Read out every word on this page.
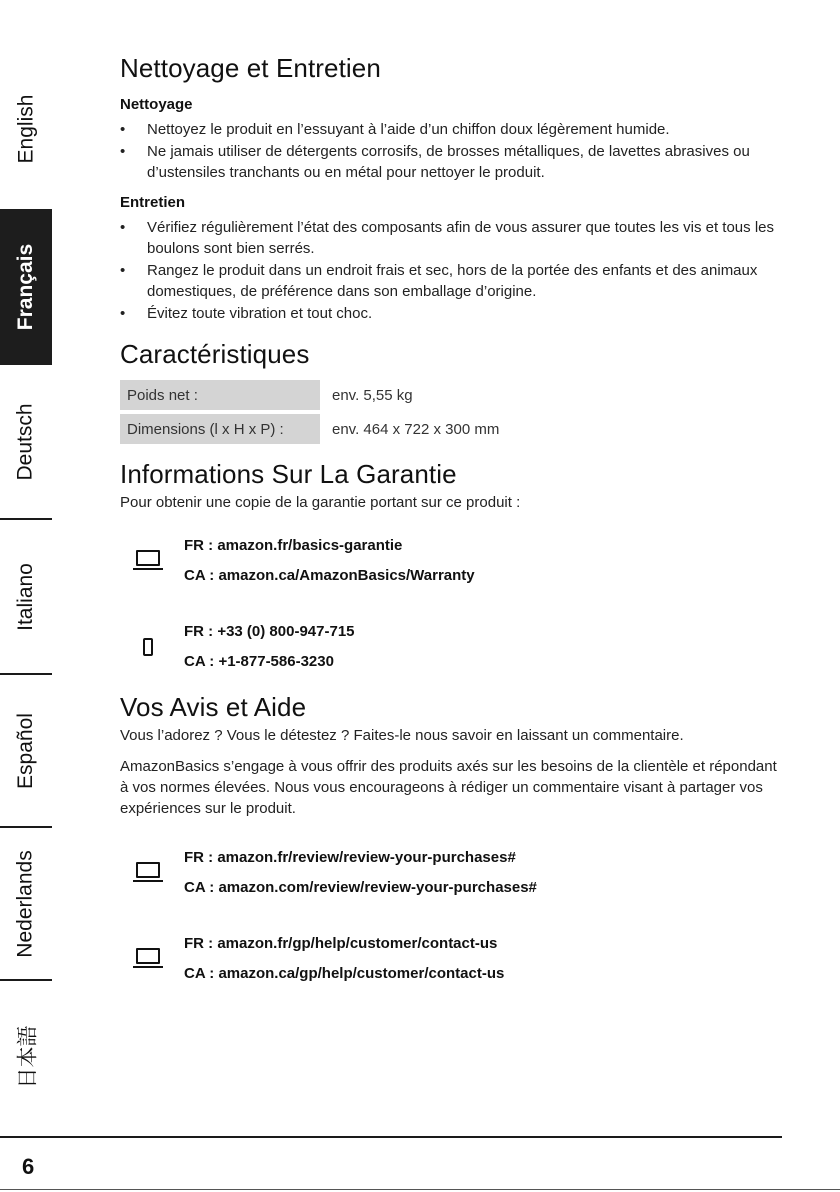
English
Français
Deutsch
Italiano
Español
Nederlands
日本語
Nettoyage et Entretien
Nettoyage
• Nettoyez le produit en l’essuyant à l’aide d’un chiffon doux légèrement humide.
• Ne jamais utiliser de détergents corrosifs, de brosses métalliques, de lavettes abrasives ou d’ustensiles tranchants ou en métal pour nettoyer le produit.
Entretien
• Vérifiez régulièrement l’état des composants afin de vous assurer que toutes les vis et tous les boulons sont bien serrés.
• Rangez le produit dans un endroit frais et sec, hors de la portée des enfants et des animaux domestiques, de préférence dans son emballage d’origine.
• Évitez toute vibration et tout choc.
Caractéristiques
Poids net :	env. 5,55 kg
Dimensions (l x H x P) :	env. 464 x 722 x 300 mm
Informations Sur La Garantie

Pour obtenir une copie de la garantie portant sur ce produit :

FR : amazon.fr/basics-garantie
CA : amazon.ca/AmazonBasics/Warranty
FR : +33 (0) 800-947-715
CA : +1-877-586-3230
Vos Avis et Aide

Vous l’adorez ? Vous le détestez ? Faites-le nous savoir en laissant un commentaire.

AmazonBasics s’engage à vous offrir des produits axés sur les besoins de la clientèle et répondant à vos normes élevées. Nous vous encourageons à rédiger un commentaire visant à partager vos expériences sur le produit.

FR : amazon.fr/review/review-your-purchases#
CA : amazon.com/review/review-your-purchases#
FR : amazon.fr/gp/help/customer/contact-us
CA : amazon.ca/gp/help/customer/contact-us
6
